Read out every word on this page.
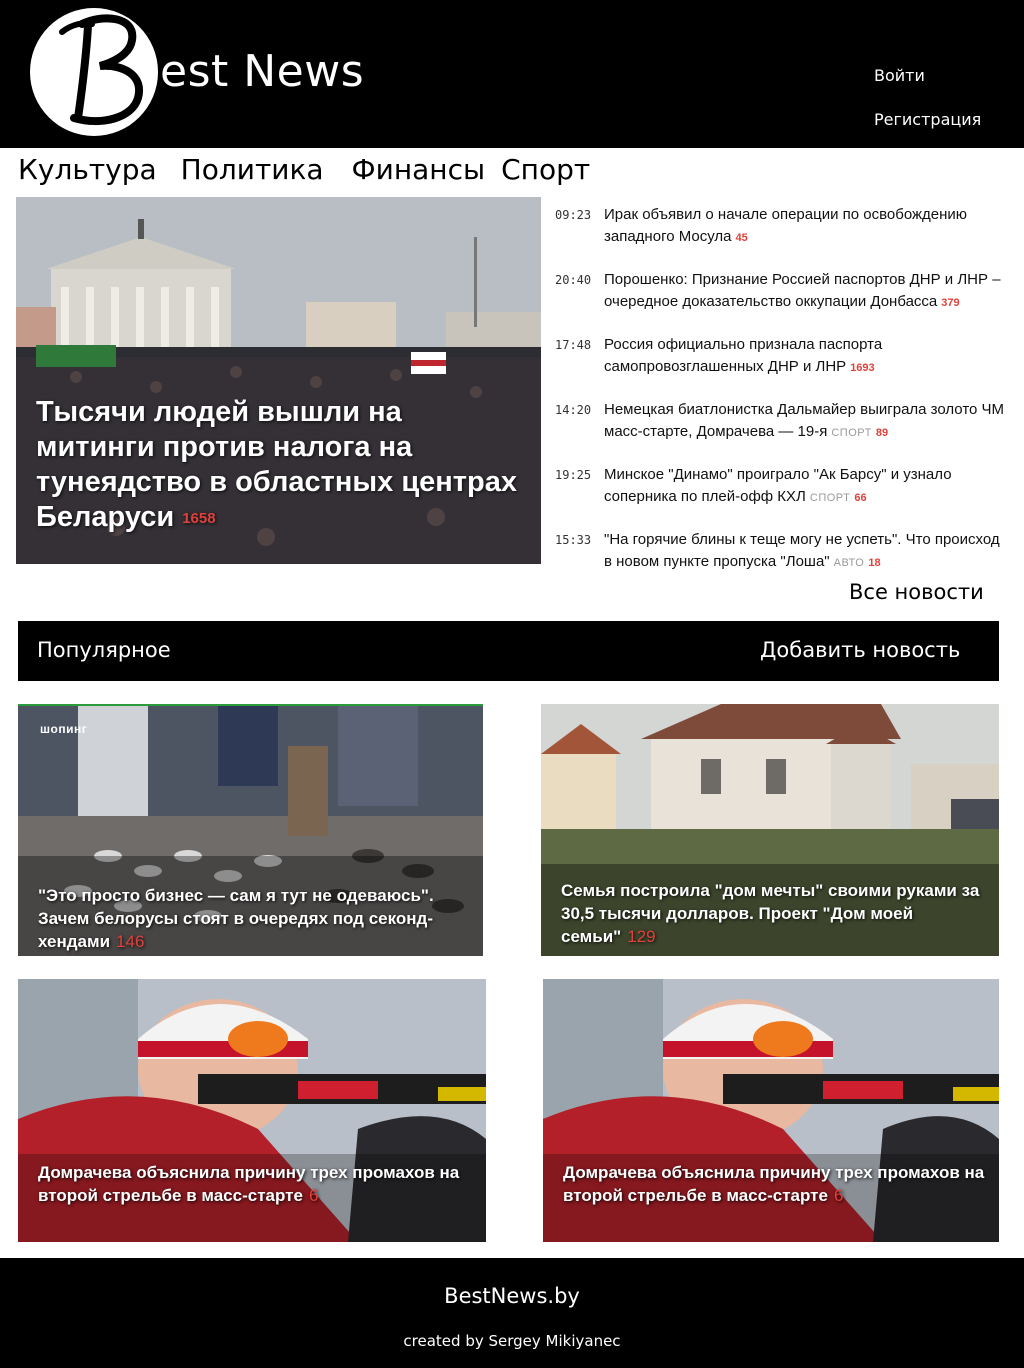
est News	Войти
Регистрация
Культура Политика Финансы Спорт
Тысячи людей вышли на митинги против налога на тунеядство в областных центрах Беларуси 1658
09:23 Ирак объявил о начале операции по освобождению
западного Мосула 45
20:40 Порошенко: Признание Россией паспортов ДНР и ЛНР –
очередное доказательство оккупации Донбасса 379
17:48 Россия официально признала паспорта
самопровозглашенных ДНР и ЛНР 1693
14:20 Немецкая биатлонистка Дальмайер выиграла золото ЧМ
масс-старте, Домрачева — 19-я СПОРТ 89
19:25 Минское "Динамо" проиграло "Ак Барсу" и узнало
соперника по плей-офф КХЛ СПОРТ 66
15:33 "На горячие блины к теще могу не успеть". Что происход
в новом пункте пропуска "Лоша" АВТО 18
Все новости
Популярное	Добавить новость
шопинг
"Это просто бизнес — сам я тут не одеваюсь". Зачем белорусы стоят в очередях под секонд-хендами 146
Семья построила "дом мечты" своими руками за 30,5 тысячи долларов. Проект "Дом моей семьи" 129
Домрачева объяснила причину трех промахов на второй стрельбе в масс-старте 6
Домрачева объяснила причину трех промахов на второй стрельбе в масс-старте 6
BestNews.by
created by Sergey Mikiyanec
